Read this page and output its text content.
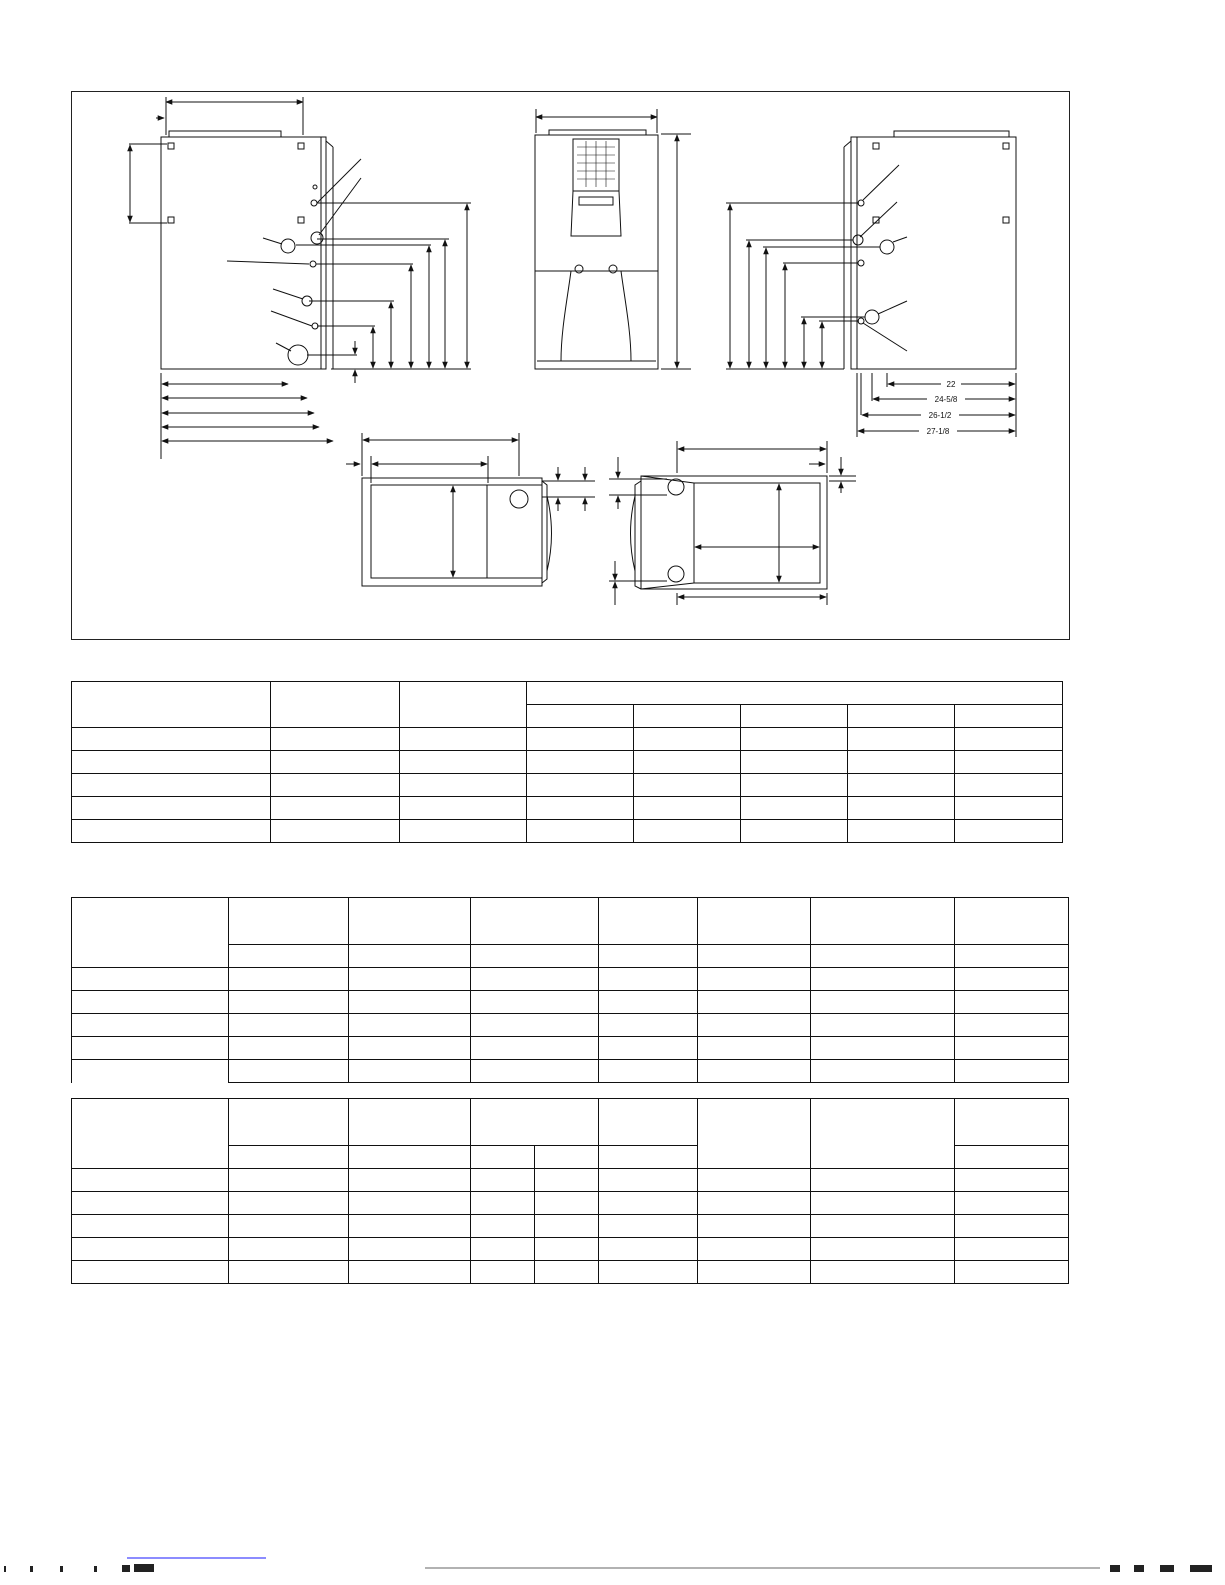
22
24-5/8
26-1/2
27-1/8
